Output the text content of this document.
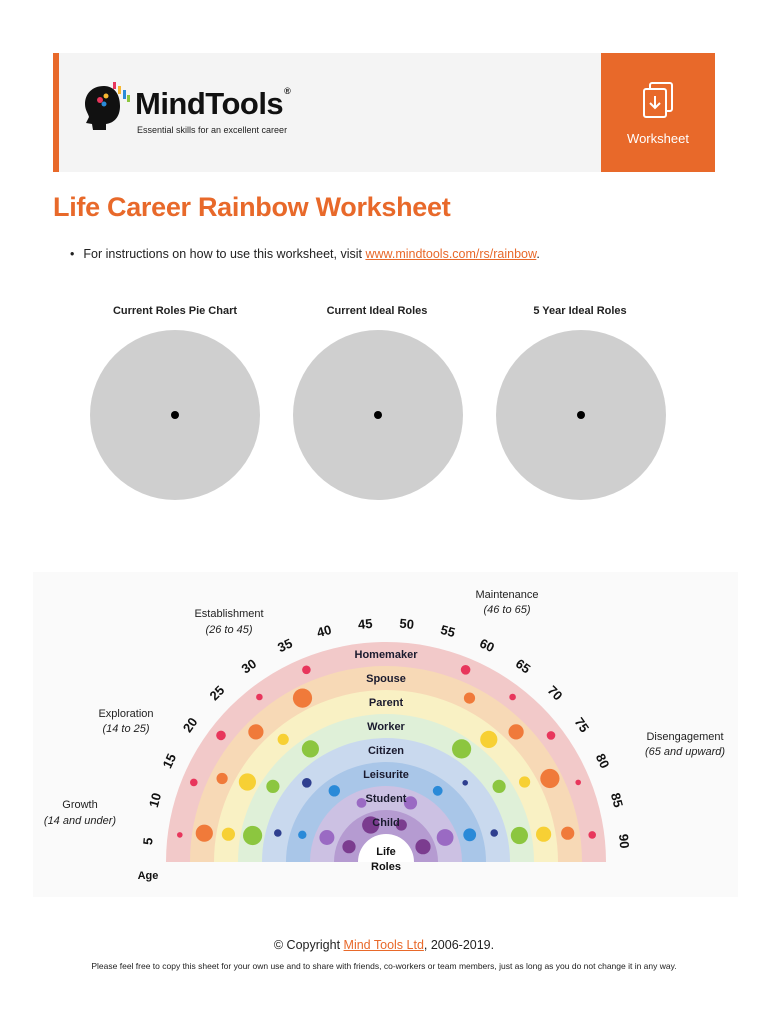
MindTools®
Essential skills for an excellent career
Worksheet
Life Career Rainbow Worksheet
• For instructions on how to use this worksheet, visit www.mindtools.com/rs/rainbow.
Current Roles Pie Chart	Current Ideal Roles	5 Year Ideal Roles
Homemaker
Spouse
Parent
Worker
Citizen
Leisurite
Student
Child
5
10
15
20
25
30
35
40 45 50 55
60
65
70
75
80
85
90
Life
Roles
Age
Growth
(14 and under)
Exploration
(14 to 25)
Establishment
(26 to 45)
Maintenance
(46 to 65)
Disengagement
(65 and upward)
© Copyright Mind Tools Ltd, 2006-2019.
Please feel free to copy this sheet for your own use and to share with friends, co-workers or team members, just as long as you do not change it in any way.
